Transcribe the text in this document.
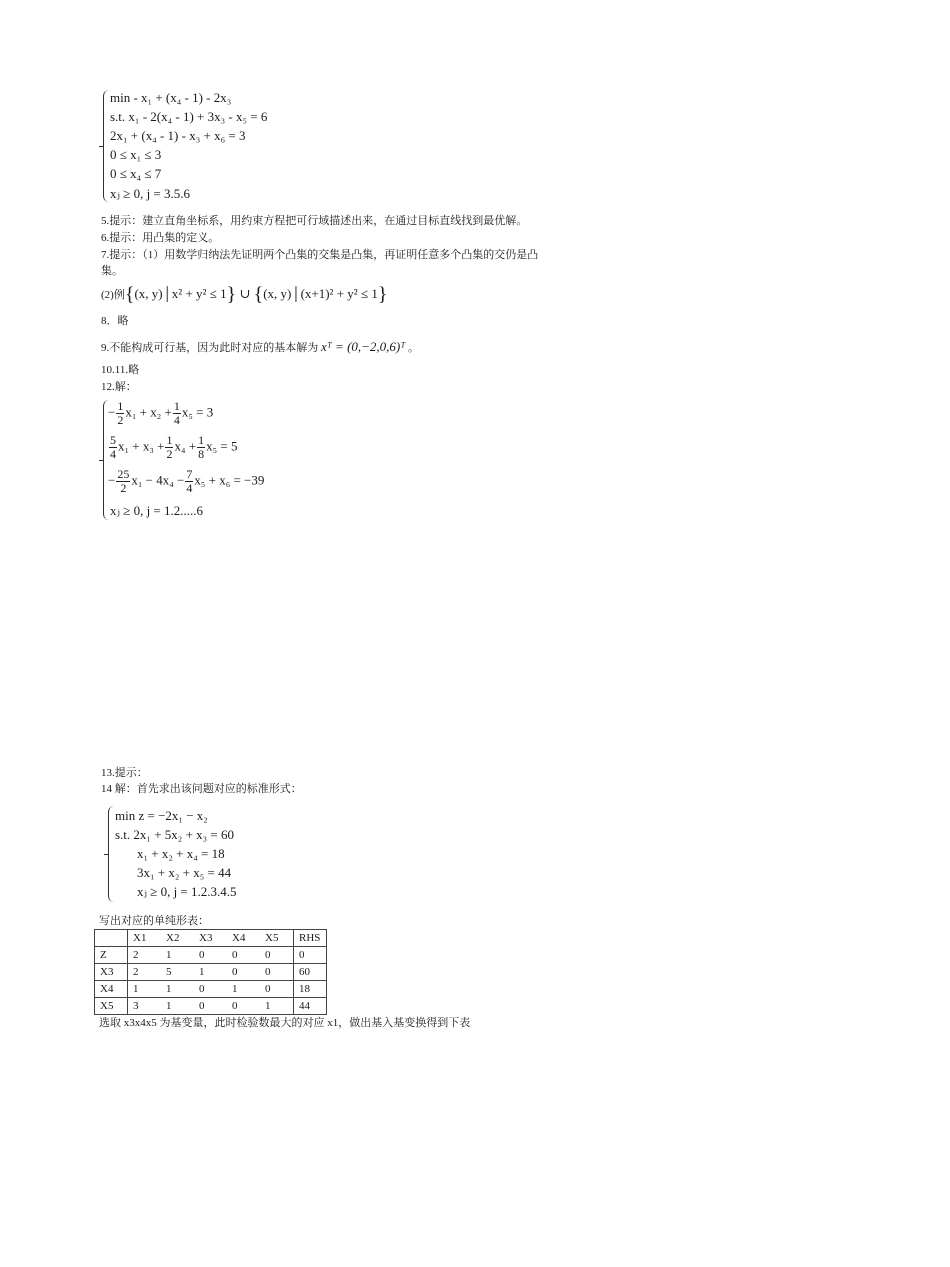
min - x₁ + (x₄ - 1) - 2x₃
s.t. x₁ - 2(x₄ - 1) + 3x₃ - x₅ = 6
2x₁ + (x₄ - 1) - x₃ + x₆ = 3
0 ≤ x₁ ≤ 3
0 ≤ x₄ ≤ 7
xⱼ ≥ 0, j = 3.5.6
5.提示：建立直角坐标系，用约束方程把可行域描述出来，在通过目标直线找到最优解。
6.提示：用凸集的定义。
7.提示：（1）用数学归纳法先证明两个凸集的交集是凸集，再证明任意多个凸集的交仍是凸
集。
(2)例{(x, y)│x² + y² ≤ 1} ∪ {(x, y)│(x+1)² + y² ≤ 1}
8．略
9.不能构成可行基，因为此时对应的基本解为 xᵀ = (0,−2,0,6)ᵀ 。
10.11.略
12.解：
− $\frac{1}{2} x_1 + x_2 + \frac{1}{4} x_5 = 3$
$\frac{5}{4} x_1 + x_3 + \frac{1}{2} x_4 + \frac{1}{8} x_5 = 5$
− $\frac{25}{2} x_1 - 4x_4 - \frac{7}{4} x_5 + x_6 = -39$
xⱼ ≥ 0, j = 1.2.....6
13.提示：
14 解：首先求出该问题对应的标准形式：
min z = −2x₁ − x₂
s.t. 2x₁ + 5x₂ + x₃ = 60
x₁ + x₂ + x₄ = 18
3x₁ + x₂ + x₅ = 44
xⱼ ≥ 0, j = 1.2.3.4.5
写出对应的单纯形表：
	X1	X2	X3	X4	X5	RHS
Z	2	1	0	0	0	0
X3	2	5	1	0	0	60
X4	1	1	0	1	0	18
X5	3	1	0	0	1	44
选取 x3x4x5 为基变量，此时检验数最大的对应 x1，做出基入基变换得到下表
